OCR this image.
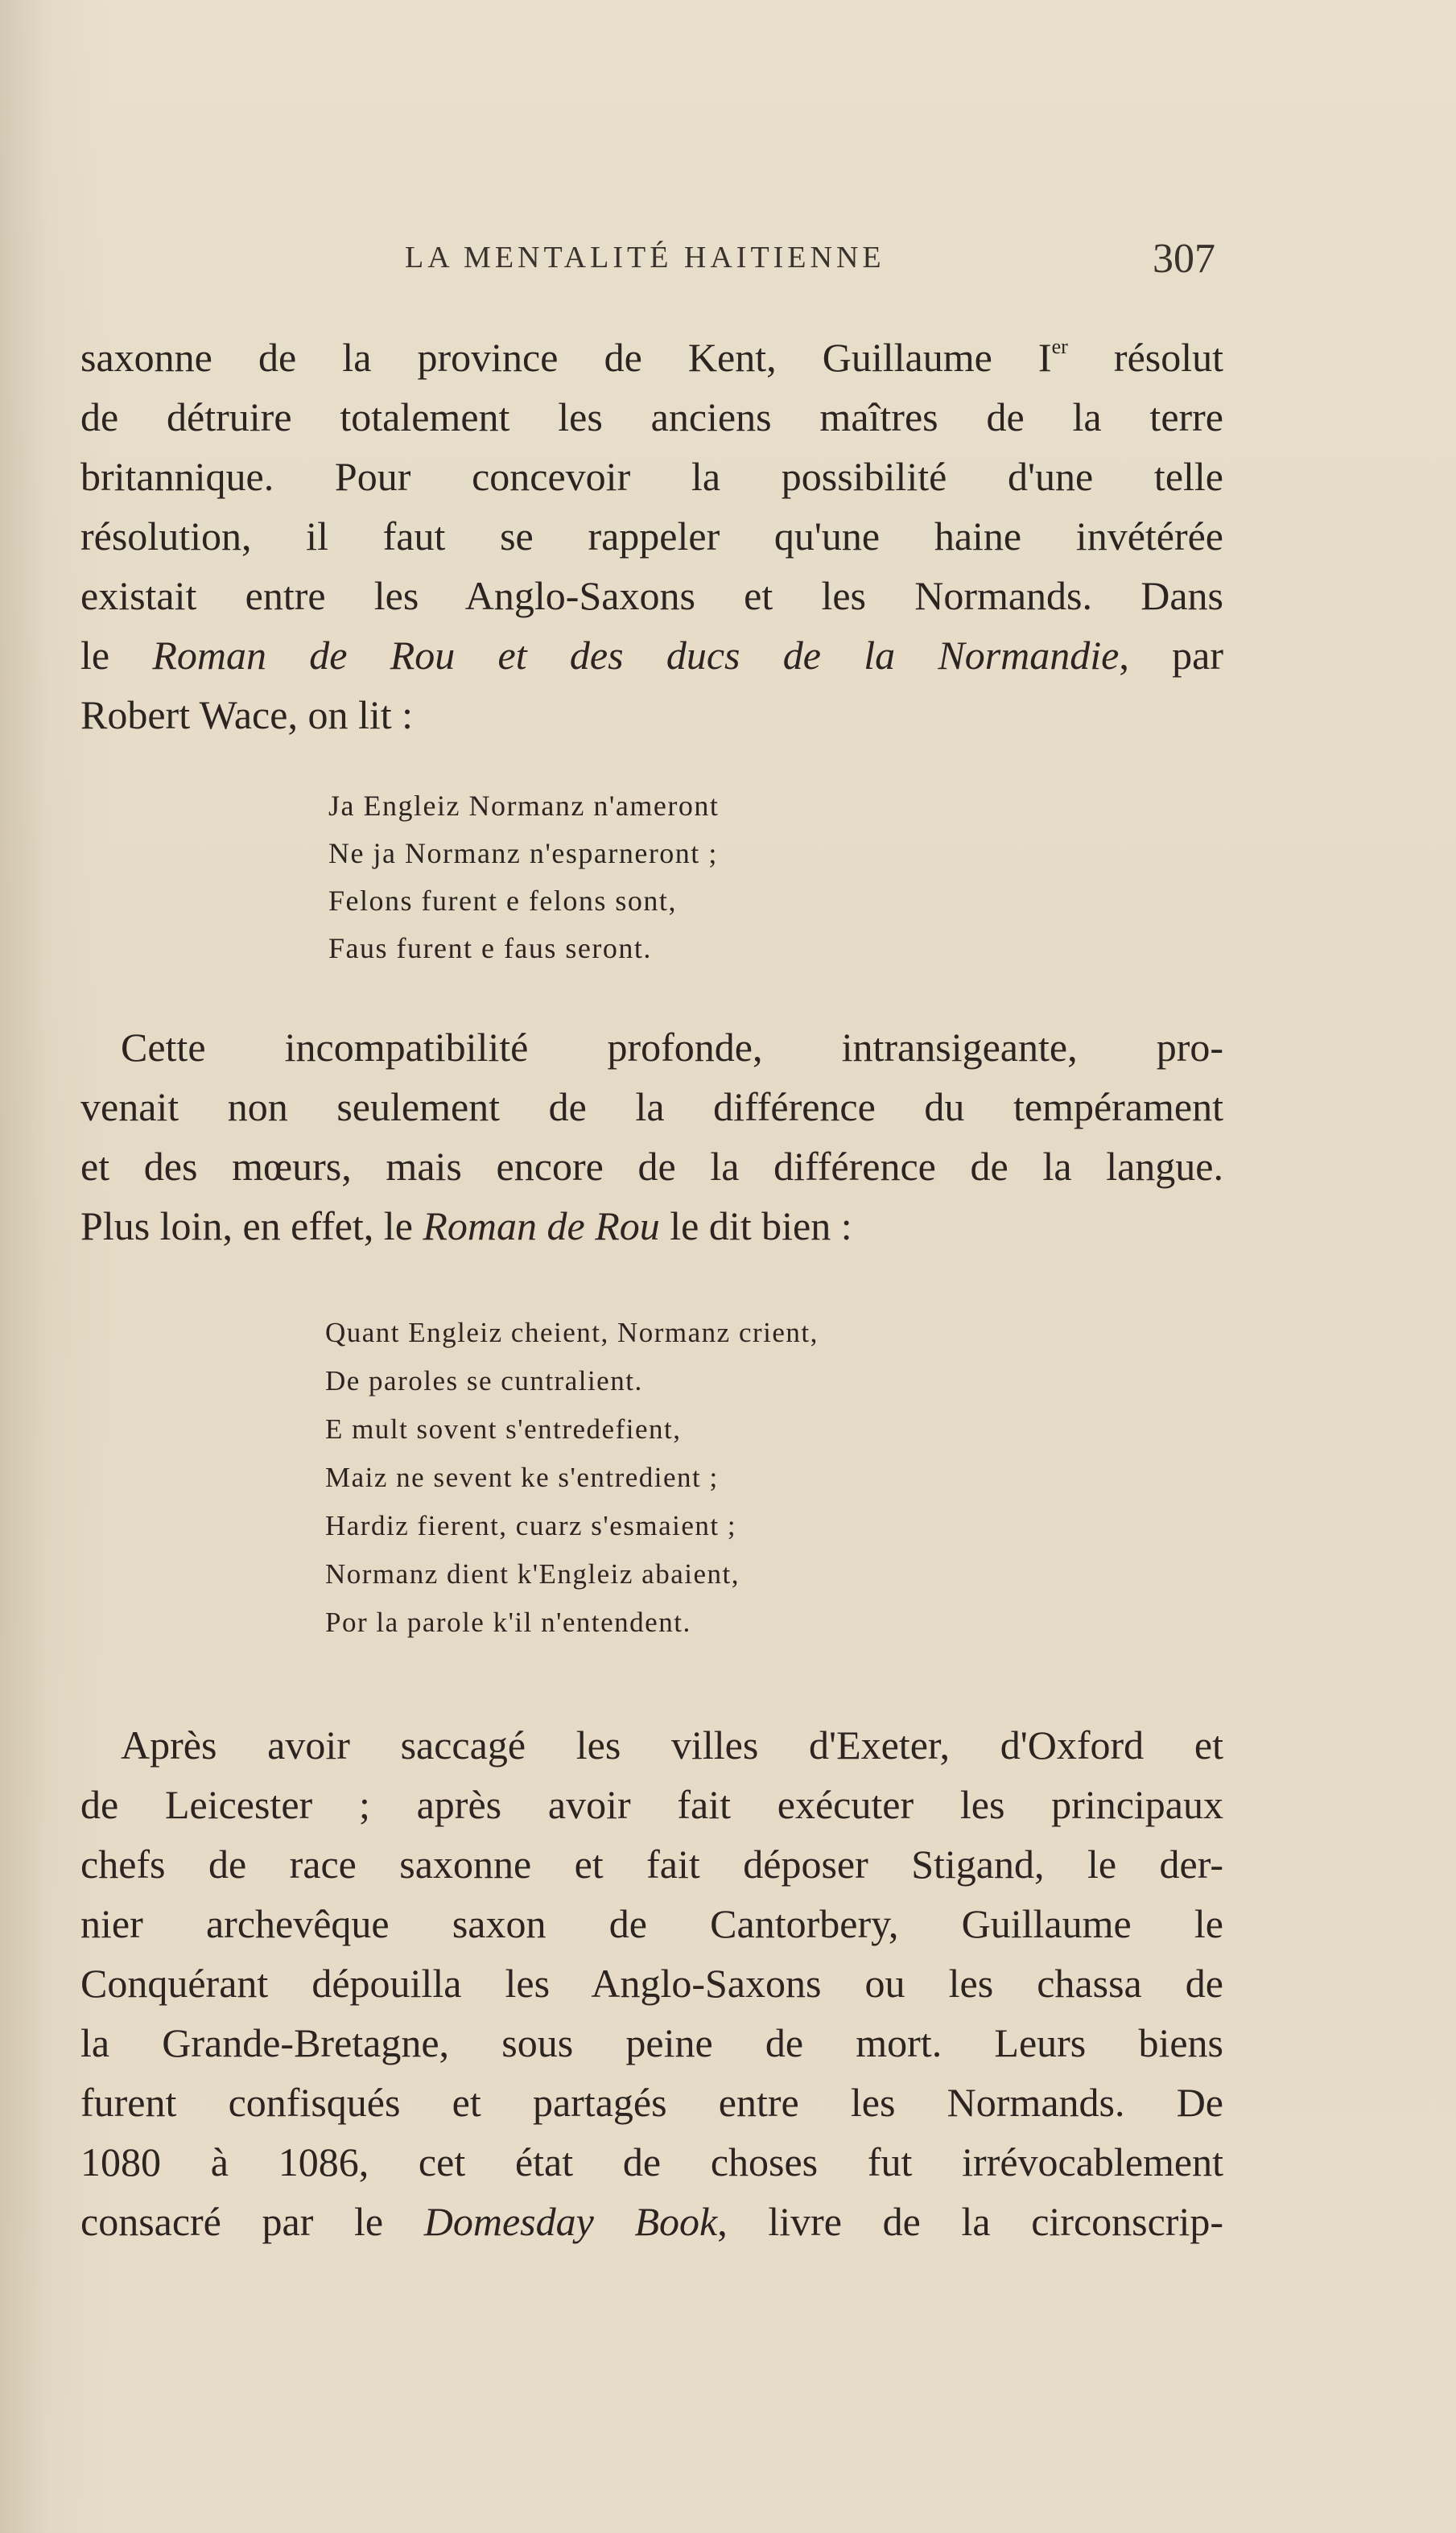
LA MENTALITÉ HAITIENNE	307
saxonne de la province de Kent, Guillaume Ier résolut
de détruire totalement les anciens maîtres de la terre
britannique. Pour concevoir la possibilité d'une telle
résolution, il faut se rappeler qu'une haine invétérée
existait entre les Anglo-Saxons et les Normands. Dans
le Roman de Rou et des ducs de la Normandie, par
Robert Wace, on lit :
Ja Engleiz Normanz n'ameront
Ne ja Normanz n'esparneront ;
Felons furent e felons sont,
Faus furent e faus seront.
Cette incompatibilité profonde, intransigeante, pro-
venait non seulement de la différence du tempérament
et des mœurs, mais encore de la différence de la langue.
Plus loin, en effet, le Roman de Rou le dit bien :
Quant Engleiz cheient, Normanz crient,
De paroles se cuntralient.
E mult sovent s'entredefient,
Maiz ne sevent ke s'entredient ;
Hardiz fierent, cuarz s'esmaient ;
Normanz dient k'Engleiz abaient,
Por la parole k'il n'entendent.
Après avoir saccagé les villes d'Exeter, d'Oxford et
de Leicester ; après avoir fait exécuter les principaux
chefs de race saxonne et fait déposer Stigand, le der-
nier archevêque saxon de Cantorbery, Guillaume le
Conquérant dépouilla les Anglo-Saxons ou les chassa de
la Grande-Bretagne, sous peine de mort. Leurs biens
furent confisqués et partagés entre les Normands. De
1080 à 1086, cet état de choses fut irrévocablement
consacré par le Domesday Book, livre de la circonscrip-
